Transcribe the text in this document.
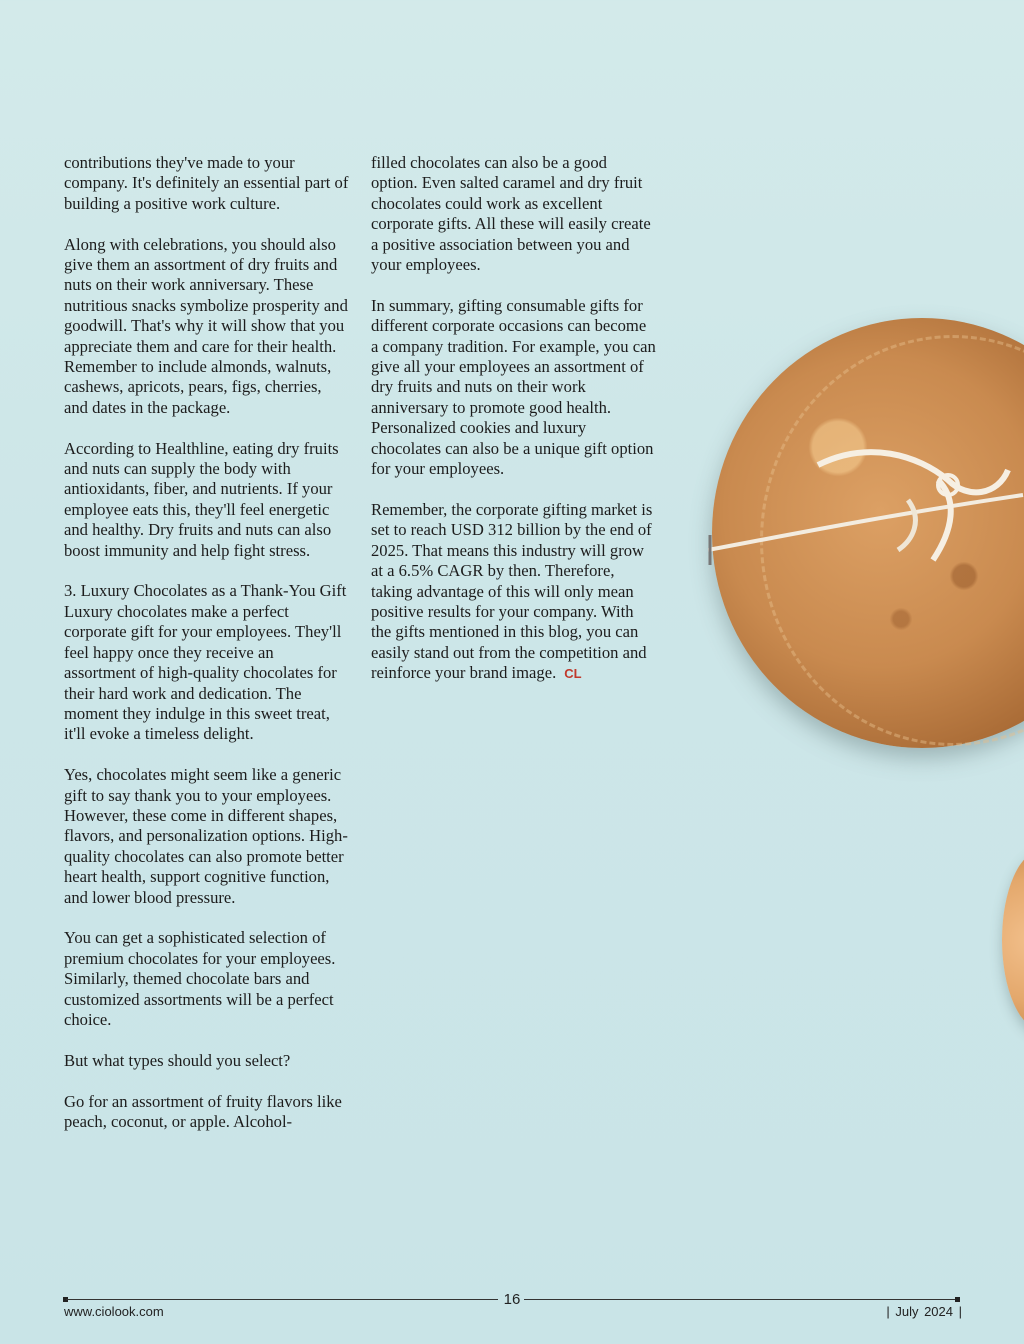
contributions they've made to your company. It's definitely an essential part of building a positive work culture.

Along with celebrations, you should also give them an assortment of dry fruits and nuts on their work anniversary. These nutritious snacks symbolize prosperity and goodwill. That's why it will show that you appreciate them and care for their health. Remember to include almonds, walnuts, cashews, apricots, pears, figs, cherries, and dates in the package.

According to Healthline, eating dry fruits and nuts can supply the body with antioxidants, fiber, and nutrients. If your employee eats this, they'll feel energetic and healthy. Dry fruits and nuts can also boost immunity and help fight stress.

3. Luxury Chocolates as a Thank-You Gift
Luxury chocolates make a perfect corporate gift for your employees. They'll feel happy once they receive an assortment of high-quality chocolates for their hard work and dedication. The moment they indulge in this sweet treat, it'll evoke a timeless delight.

Yes, chocolates might seem like a generic gift to say thank you to your employees. However, these come in different shapes, flavors, and personalization options. High-quality chocolates can also promote better heart health, support cognitive function, and lower blood pressure.

You can get a sophisticated selection of premium chocolates for your employees. Similarly, themed chocolate bars and customized assortments will be a perfect choice.

But what types should you select?

Go for an assortment of fruity flavors like peach, coconut, or apple. Alcohol-

filled chocolates can also be a good option. Even salted caramel and dry fruit chocolates could work as excellent corporate gifts. All these will easily create a positive association between you and your employees.

In summary, gifting consumable gifts for different corporate occasions can become a company tradition. For example, you can give all your employees an assortment of dry fruits and nuts on their work anniversary to promote good health. Personalized cookies and luxury chocolates can also be a unique gift option for your employees.

Remember, the corporate gifting market is set to reach USD 312 billion by the end of 2025. That means this industry will grow at a 6.5% CAGR by then. Therefore, taking advantage of this will only mean positive results for your company. With the gifts mentioned in this blog, you can easily stand out from the competition and reinforce your brand image. CL

16
www.ciolook.com	| July 2024 |
